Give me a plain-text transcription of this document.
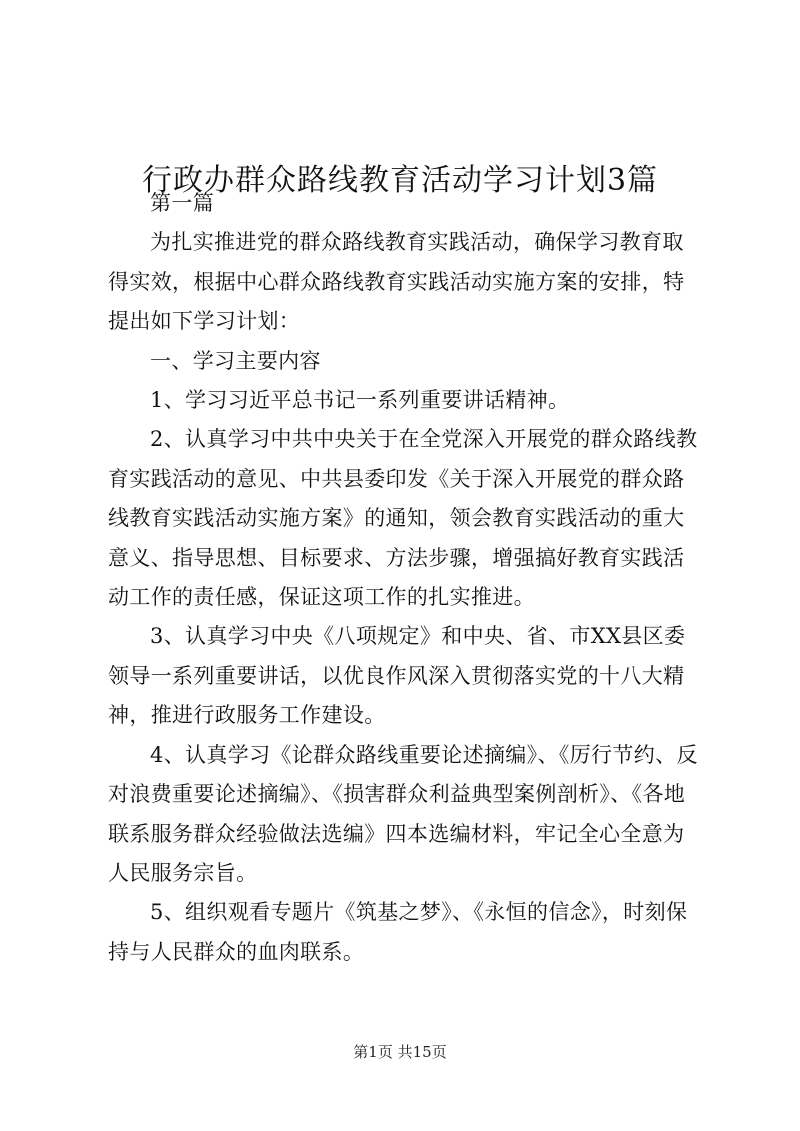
行政办群众路线教育活动学习计划3篇

第一篇

为扎实推进党的群众路线教育实践活动，确保学习教育取得实效，根据中心群众路线教育实践活动实施方案的安排，特提出如下学习计划：

一、学习主要内容

1、学习习近平总书记一系列重要讲话精神。

2、认真学习中共中央关于在全党深入开展党的群众路线教育实践活动的意见、中共县委印发《关于深入开展党的群众路线教育实践活动实施方案》的通知，领会教育实践活动的重大意义、指导思想、目标要求、方法步骤，增强搞好教育实践活动工作的责任感，保证这项工作的扎实推进。

3、认真学习中央《八项规定》和中央、省、市XX县区委领导一系列重要讲话，以优良作风深入贯彻落实党的十八大精神，推进行政服务工作建设。

4、认真学习《论群众路线重要论述摘编》、《厉行节约、反对浪费重要论述摘编》、《损害群众利益典型案例剖析》、《各地联系服务群众经验做法选编》四本选编材料，牢记全心全意为人民服务宗旨。

5、组织观看专题片《筑基之梦》、《永恒的信念》，时刻保持与人民群众的血肉联系。

第1页 共15页
